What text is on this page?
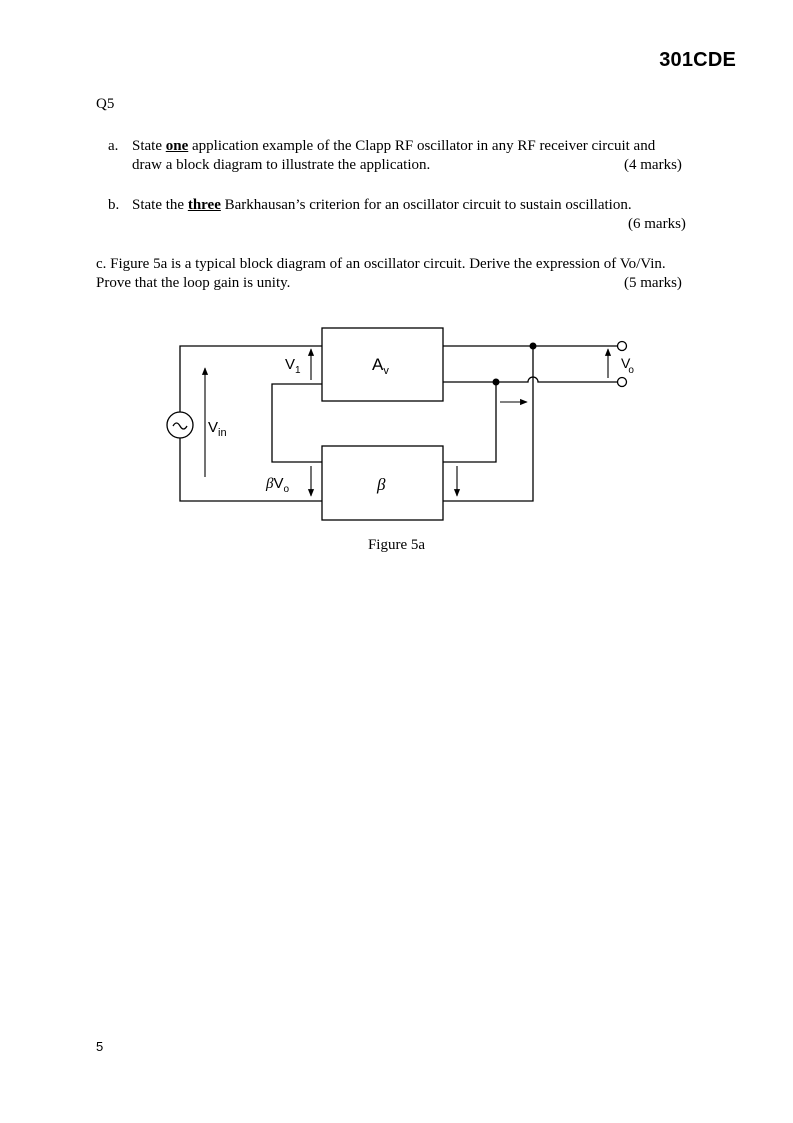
301CDE
Q5
a. State one application example of the Clapp RF oscillator in any RF receiver circuit and
draw a block diagram to illustrate the application.	(4 marks)
b. State the three Barkhausan’s criterion for an oscillator circuit to sustain oscillation.
(6 marks)
c. Figure 5a is a typical block diagram of an oscillator circuit. Derive the expression of Vo/Vin.
Prove that the loop gain is unity.	(5 marks)
$A_v$
β
$V_1$
$V_{in}$
$\beta V_o$
Vo
Figure 5a
5
